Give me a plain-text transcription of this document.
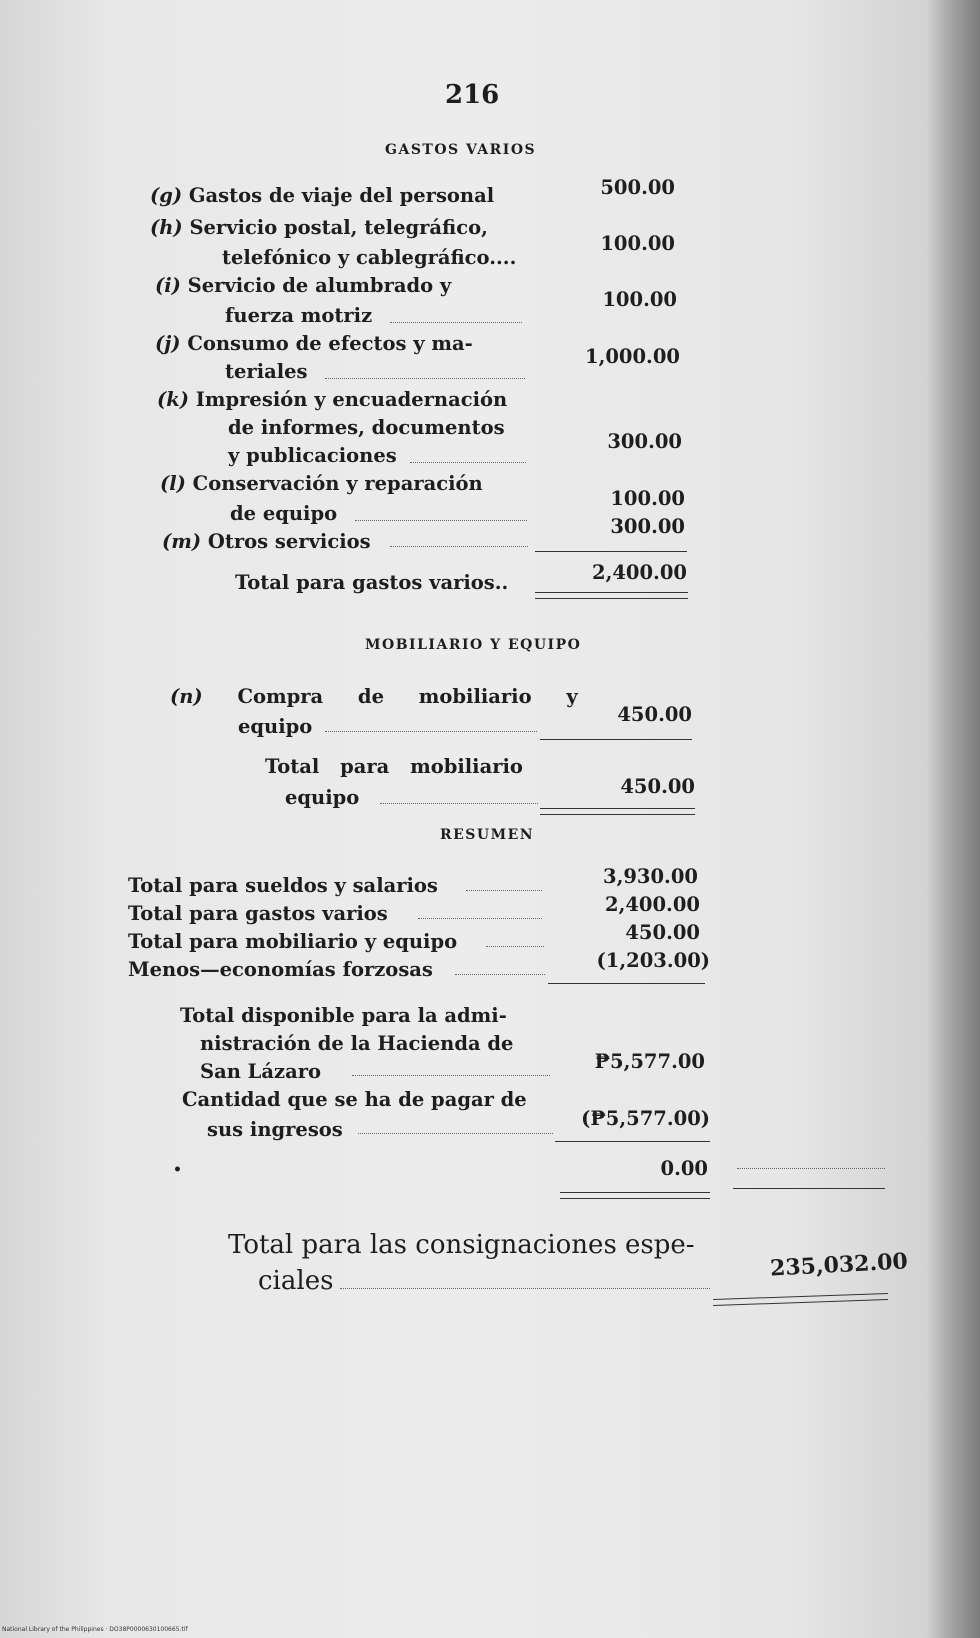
216
GASTOS VARIOS
(g) Gastos de viaje del personal	500.00
(h) Servicio postal, telegráfico,
telefónico y cablegráfico....
100.00
(i) Servicio de alumbrado y
fuerza motriz
100.00
(j) Consumo de efectos y ma-
teriales
1,000.00
(k) Impresión y encuadernación
de informes, documentos
y publicaciones
300.00
(l) Conservación y reparación
de equipo
100.00
(m) Otros servicios
300.00
Total para gastos varios..	2,400.00
MOBILIARIO Y EQUIPO
(n) Compra de mobiliario y
equipo
450.00
Total para mobiliario
equipo	450.00
RESUMEN
Total para sueldos y salarios	3,930.00
Total para gastos varios	2,400.00
Total para mobiliario y equipo	450.00
Menos—economías forzosas	(1,203.00)
Total disponible para la admi-
nistración de la Hacienda de
San Lázaro	₱5,577.00
Cantidad que se ha de pagar de
sus ingresos	(₱5,577.00)
•	0.00
Total para las consignaciones espe-
ciales	235,032.00
National Library of the Philippines · DO38P0000630100665.tif
